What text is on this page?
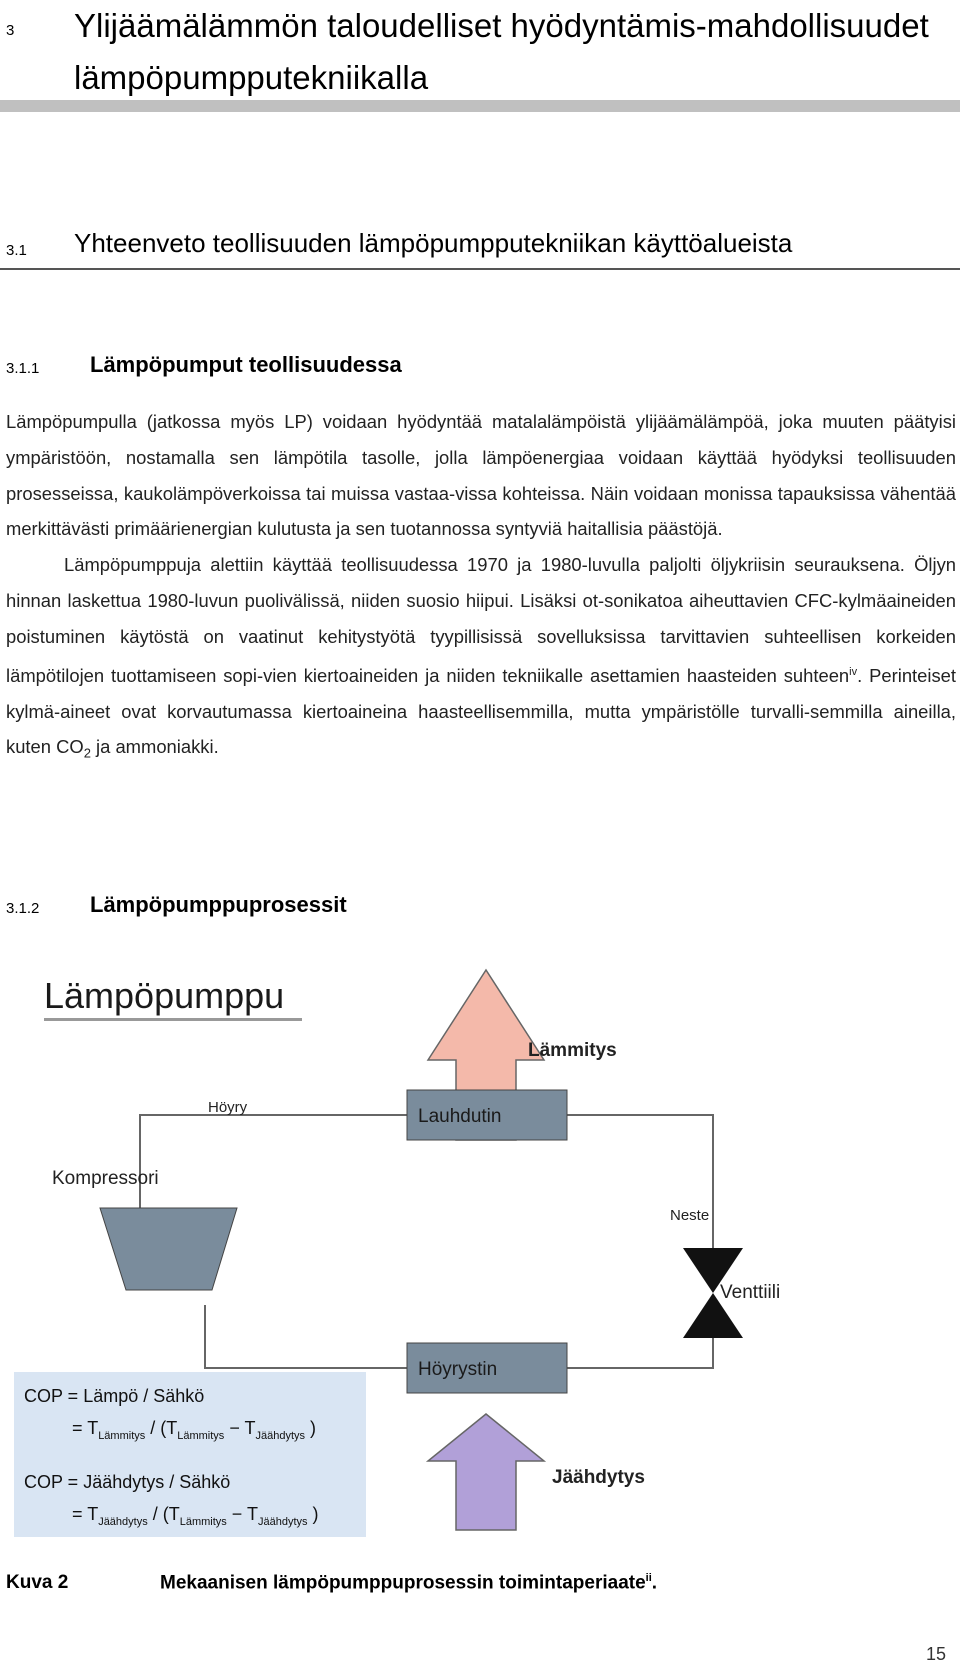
3 Ylijäämälämmön taloudelliset hyödyntämis-mahdollisuudet lämpöpumpputekniikalla
3.1 Yhteenveto teollisuuden lämpöpumpputekniikan käyttöalueista
3.1.1 Lämpöpumput teollisuudessa

Lämpöpumpulla (jatkossa myös LP) voidaan hyödyntää matalalämpöistä ylijäämälämpöä, joka muuten päätyisi ympäristöön, nostamalla sen lämpötila tasolle, jolla lämpöenergiaa voidaan käyttää hyödyksi teollisuuden prosesseissa, kaukolämpöverkoissa tai muissa vastaa-vissa kohteissa. Näin voidaan monissa tapauksissa vähentää merkittävästi primäärienergian kulutusta ja sen tuotannossa syntyviä haitallisia päästöjä.

Lämpöpumppuja alettiin käyttää teollisuudessa 1970 ja 1980-luvulla paljolti öljykriisin seurauksena. Öljyn hinnan laskettua 1980-luvun puolivälissä, niiden suosio hiipui. Lisäksi ot-sonikatoa aiheuttavien CFC-kylmäaineiden poistuminen käytöstä on vaatinut kehitystyötä tyypillisissä sovelluksissa tarvittavien suhteellisen korkeiden lämpötilojen tuottamiseen sopi-vien kiertoaineiden ja niiden tekniikalle asettamien haasteiden suhteen$^{iv}$. Perinteiset kylmä-aineet ovat korvautumassa kiertoaineina haasteellisemmilla, mutta ympäristölle turvalli-semmilla aineilla, kuten $CO_2$ ja ammoniakki.

3.1.2 Lämpöpumppuprosessit
Lämpöpumppu
Lämmitys
Höyry
Neste
Kompressori
Lauhdutin
Venttiili
Höyrystin
Jäähdytys
COP = Lämpö / Sähkö
= $T_{Lämmitys} / (T_{Lämmitys} - T_{Jäähdytys}$ )
COP = Jäähdytys / Sähkö
= $T_{Jäähdytys} / (T_{Lämmitys} - T_{Jäähdytys}$ )
Kuva 2	Mekaanisen lämpöpumppuprosessin toimintaperiaate$^{ii}$.
15
